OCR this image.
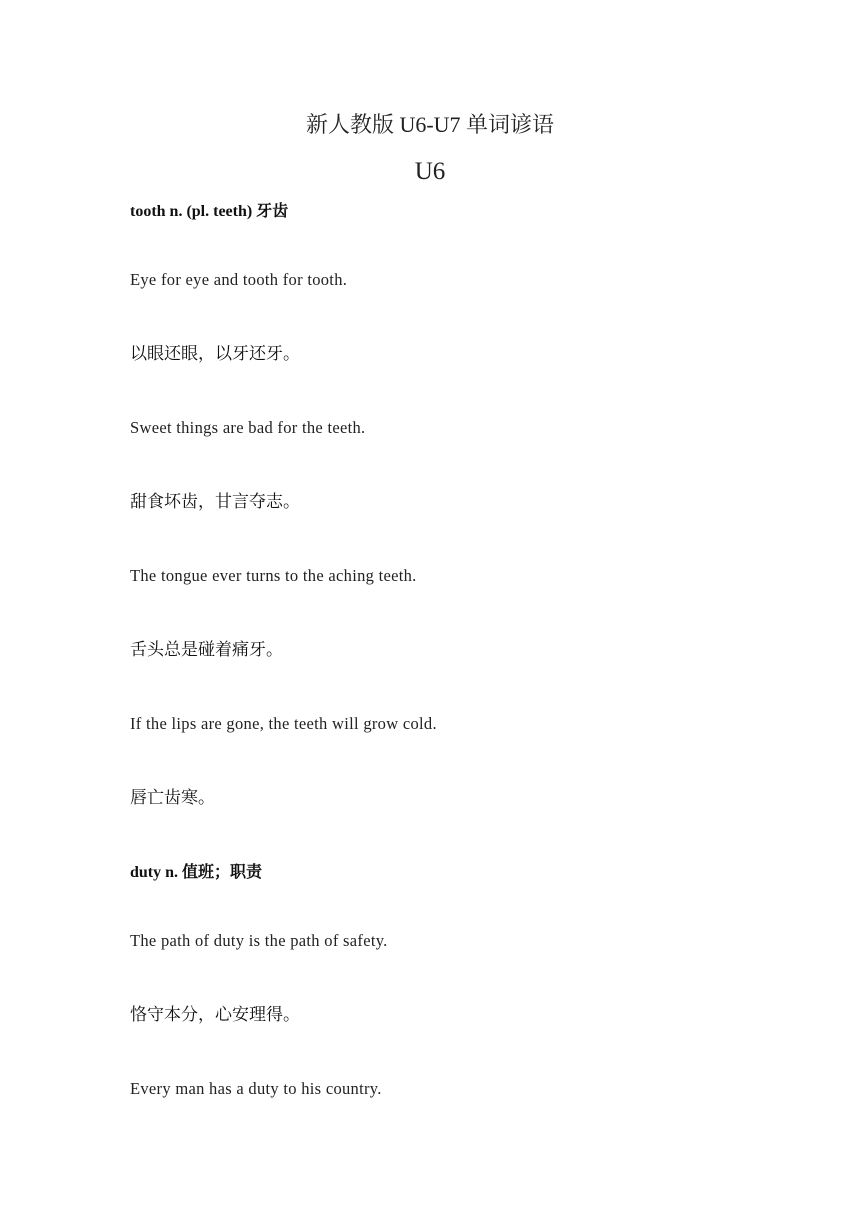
新人教版 U6-U7 单词谚语
U6
tooth n. (pl. teeth) 牙齿
Eye for eye and tooth for tooth.
以眼还眼，以牙还牙。
Sweet things are bad for the teeth.
甜食坏齿，甘言夺志。
The tongue ever turns to the aching teeth.
舌头总是碰着痛牙。
If the lips are gone, the teeth will grow cold.
唇亡齿寒。
duty n. 值班；职责
The path of duty is the path of safety.
恪守本分，心安理得。
Every man has a duty to his country.
